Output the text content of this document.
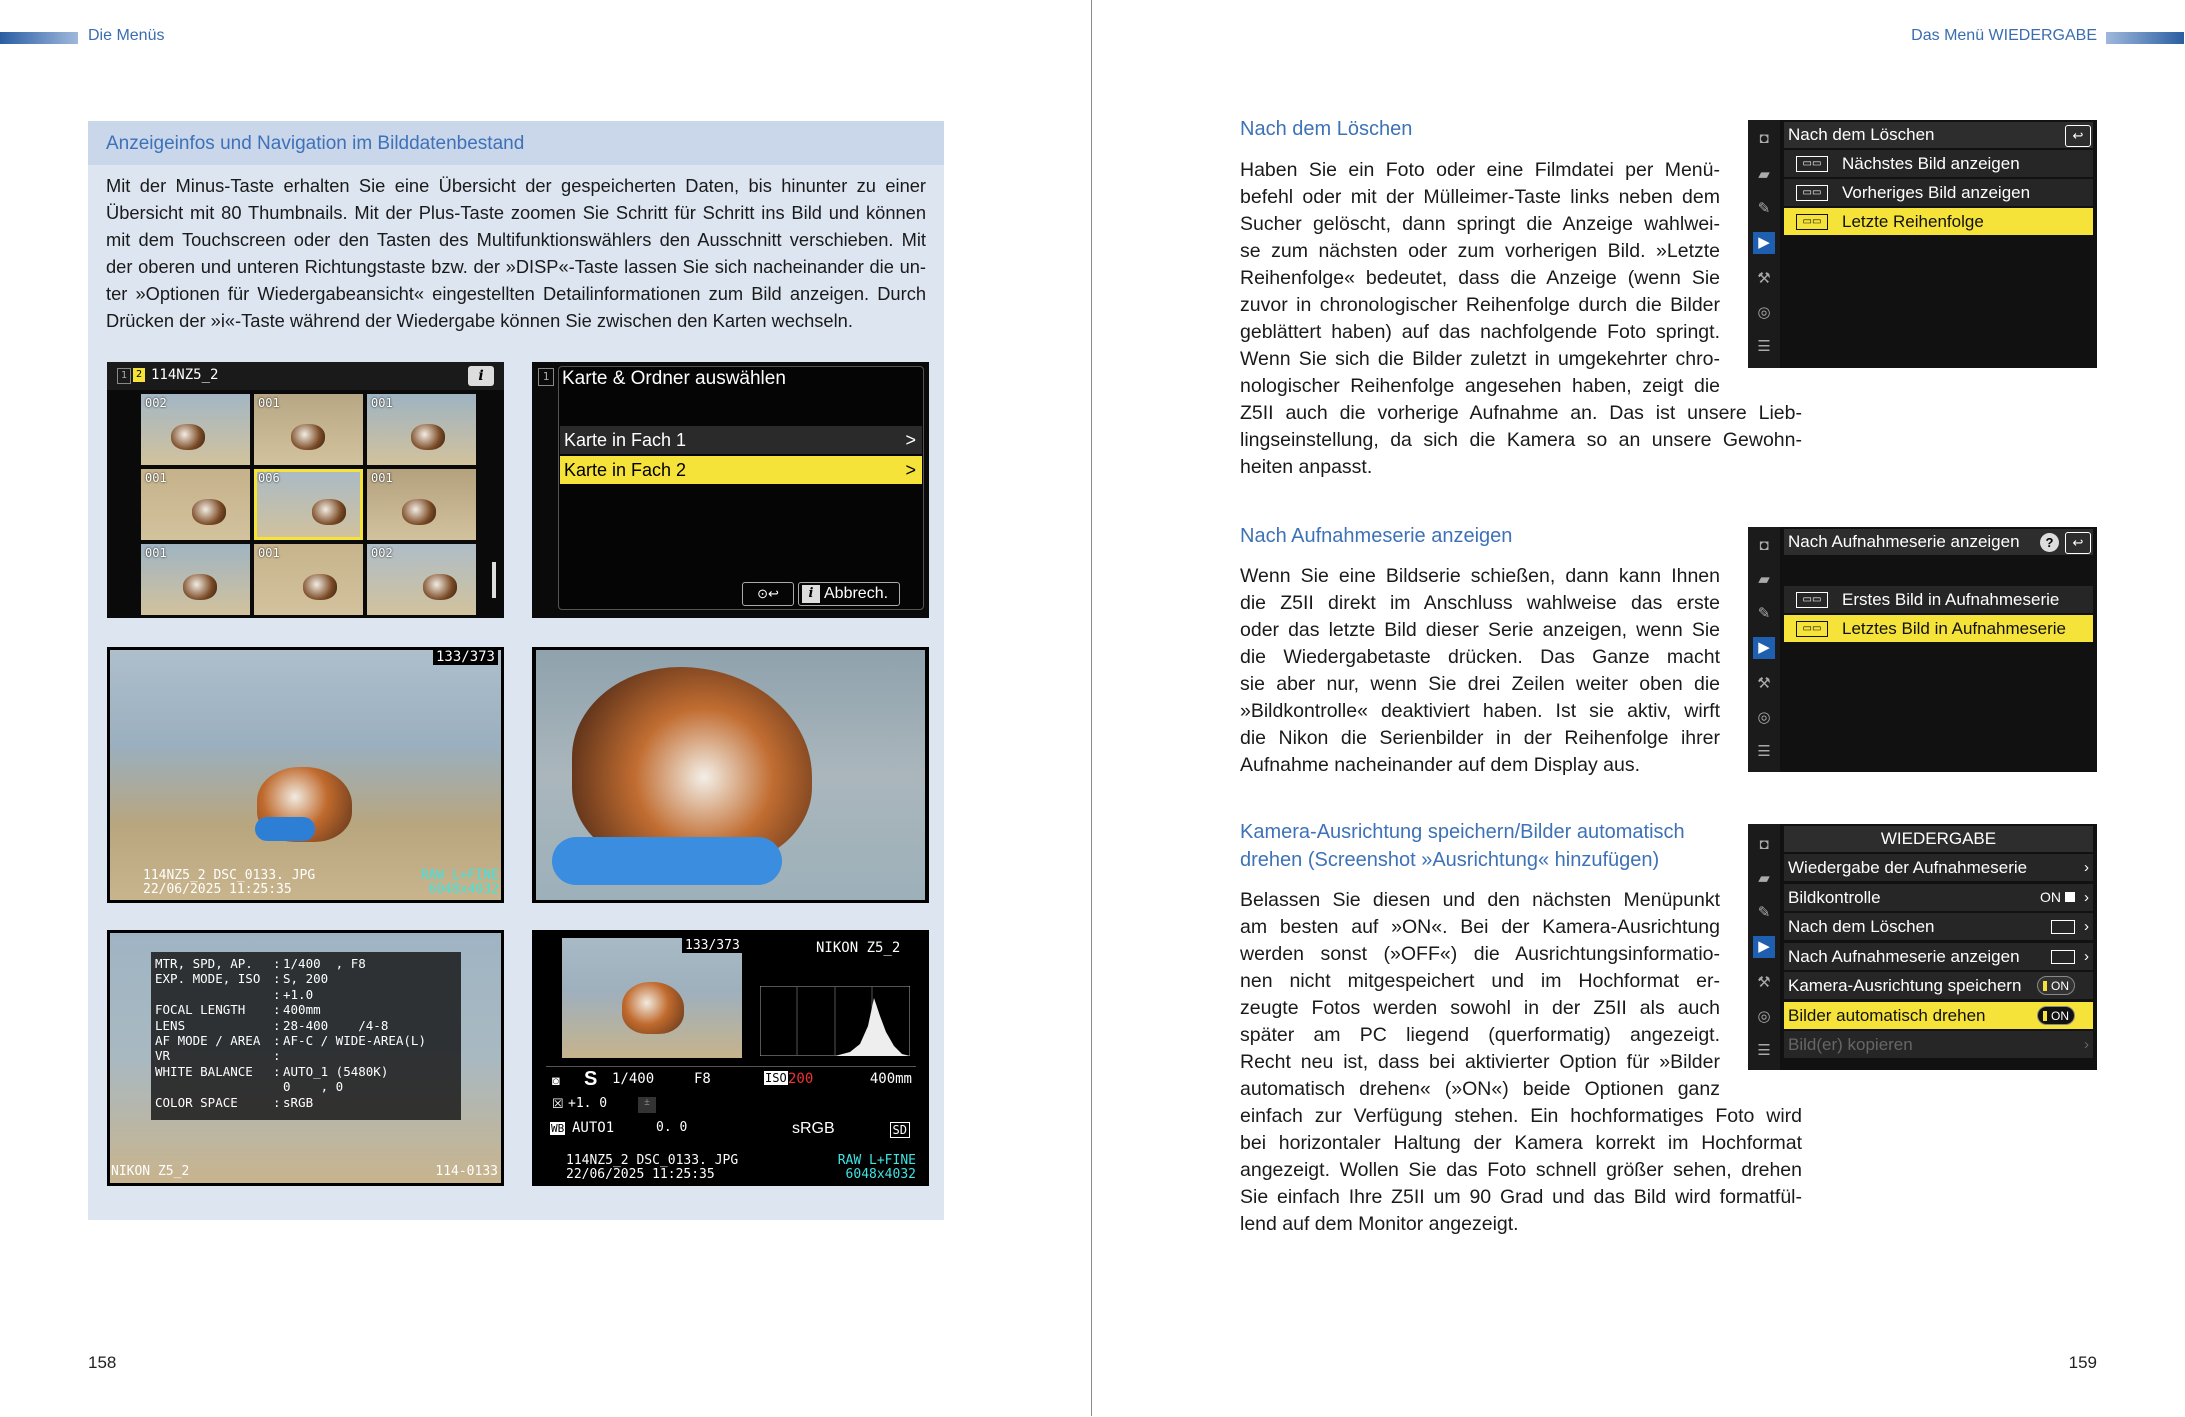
Die Menüs
Anzeigeinfos und Navigation im Bilddatenbestand
Mit der Minus-Taste erhalten Sie eine Übersicht der gespeicherten Daten, bis hinunter zu einer
Übersicht mit 80 Thumbnails. Mit der Plus-Taste zoomen Sie Schritt für Schritt ins Bild und können
mit dem Touchscreen oder den Tasten des Multifunktionswählers den Ausschnitt verschieben. Mit
der oberen und unteren Richtungstaste bzw. der »DISP«-Taste lassen Sie sich nacheinander die un-
ter »Optionen für Wiedergabeansicht« eingestellten Detailinformationen zum Bild anzeigen. Durch
Drücken der »i«-Taste während der Wiedergabe können Sie zwischen den Karten wechseln.
1 2 114NZ5_2	i
002	001	001
001	006	001
001	001	002
1 Karte & Ordner auswählen
Karte in Fach 1	>
Karte in Fach 2	>
⊙↩	i Abbrech.
133/373
114NZ5_2 DSC_0133. JPG
22/06/2025 11:25:35
RAW L+FINE
6048x4032
MTR, SPD, AP. : 1/400  , F8
EXP. MODE, ISO : S, 200
: +1.0
FOCAL LENGTH : 400mm
LENS	: 28-400    /4-8
AF MODE / AREA : AF-C / WIDE-AREA(L)
VR	:
WHITE BALANCE : AUTO_1 (5480K)
0    , 0
COLOR SPACE	: sRGB
NIKON Z5_2	114-0133
133/373	NIKON Z5_2
◙ S 1/400	F8	ISO 200	400mm
☒ +1. 0	±
WB AUTO1	0. 0	sRGB	SD
114NZ5_2 DSC_0133. JPG
22/06/2025 11:25:35
RAW L+FINE
6048x4032
158
Das Menü WIEDERGABE
Nach dem Löschen
Haben Sie ein Foto oder eine Filmdatei per Menü-
befehl oder mit der Mülleimer-Taste links neben dem
Sucher gelöscht, dann springt die Anzeige wahlwei-
se zum nächsten oder zum vorherigen Bild. »Letzte
Reihenfolge« bedeutet, dass die Anzeige (wenn Sie
zuvor in chronologischer Reihenfolge durch die Bilder
geblättert haben) auf das nachfolgende Foto springt.
Wenn Sie sich die Bilder zuletzt in umgekehrter chro-
nologischer Reihenfolge angesehen haben, zeigt die
Z5II auch die vorherige Aufnahme an. Das ist unsere Lieb-
lingseinstellung, da sich die Kamera so an unsere Gewohn-
heiten anpasst.
◘
▰
✎
▶
⚒
◎
☰
Nach dem Löschen	↩
▭▭	Nächstes Bild anzeigen
▭▭	Vorheriges Bild anzeigen
▭▭	Letzte Reihenfolge
Nach Aufnahmeserie anzeigen
Wenn Sie eine Bildserie schießen, dann kann Ihnen
die Z5II direkt im Anschluss wahlweise das erste
oder das letzte Bild dieser Serie anzeigen, wenn Sie
die Wiedergabetaste drücken. Das Ganze macht
sie aber nur, wenn Sie drei Zeilen weiter oben die
»Bildkontrolle« deaktiviert haben. Ist sie aktiv, wirft
die Nikon die Serienbilder in der Reihenfolge ihrer
Aufnahme nacheinander auf dem Display aus.
◘
▰
✎
▶
⚒
◎
☰
Nach Aufnahmeserie anzeigen	?	↩
▭▭	Erstes Bild in Aufnahmeserie
▭▭	Letztes Bild in Aufnahmeserie
Kamera-Ausrichtung speichern/Bilder automatisch
drehen (Screenshot »Ausrichtung« hinzufügen)
Belassen Sie diesen und den nächsten Menüpunkt
am besten auf »ON«. Bei der Kamera-Ausrichtung
werden sonst (»OFF«) die Ausrichtungsinformatio-
nen nicht mitgespeichert und im Hochformat er-
zeugte Fotos werden sowohl in der Z5II als auch
später am PC liegend (querformatig) angezeigt.
Recht neu ist, dass bei aktivierter Option für »Bilder
automatisch drehen« (»ON«) beide Optionen ganz
einfach zur Verfügung stehen. Ein hochformatiges Foto wird
bei horizontaler Haltung der Kamera korrekt im Hochformat
angezeigt. Wollen Sie das Foto schnell größer sehen, drehen
Sie einfach Ihre Z5II um 90 Grad und das Bild wird formatfül-
lend auf dem Monitor angezeigt.
◘
▰
✎
▶
⚒
◎
☰
WIEDERGABE
Wiedergabe der Aufnahmeserie	›
Bildkontrolle	ON ›
Nach dem Löschen	›
Nach Aufnahmeserie anzeigen	›
Kamera-Ausrichtung speichern	ON
Bilder automatisch drehen	ON
Bild(er) kopieren	›
159
